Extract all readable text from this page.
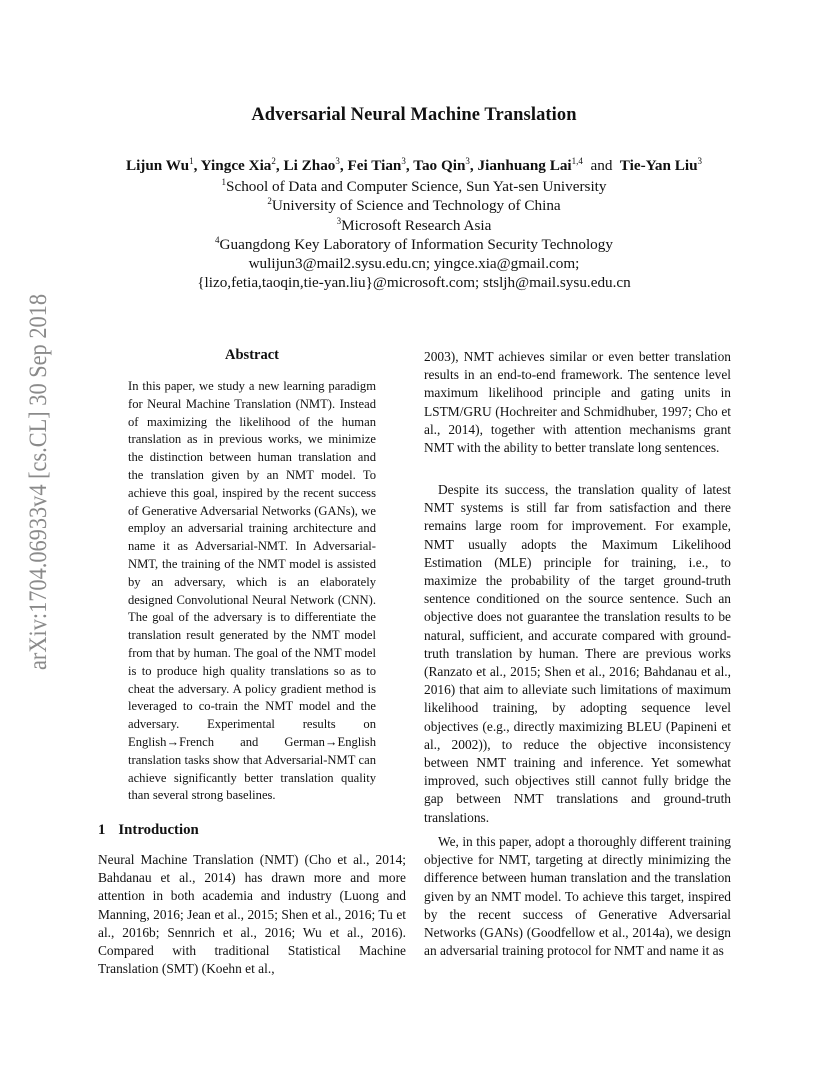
arXiv:1704.06933v4 [cs.CL] 30 Sep 2018
Adversarial Neural Machine Translation
Lijun Wu$^1$, Yingce Xia$^2$, Li Zhao$^3$, Fei Tian$^3$, Tao Qin$^3$, Jianhuang Lai$^{1,4}$ and Tie-Yan Liu$^3$
$^1$School of Data and Computer Science, Sun Yat-sen University
$^2$University of Science and Technology of China
$^3$Microsoft Research Asia
$^4$Guangdong Key Laboratory of Information Security Technology
wulijun3@mail2.sysu.edu.cn; yingce.xia@gmail.com;
{lizo,fetia,taoqin,tie-yan.liu}@microsoft.com; stsljh@mail.sysu.edu.cn
Abstract
In this paper, we study a new learning paradigm for Neural Machine Translation (NMT). Instead of maximizing the likelihood of the human translation as in previous works, we minimize the distinction between human translation and the translation given by an NMT model. To achieve this goal, inspired by the recent success of Generative Adversarial Networks (GANs), we employ an adversarial training architecture and name it as Adversarial-NMT. In Adversarial-NMT, the training of the NMT model is assisted by an adversary, which is an elaborately designed Convolutional Neural Network (CNN). The goal of the adversary is to differentiate the translation result generated by the NMT model from that by human. The goal of the NMT model is to produce high quality translations so as to cheat the adversary. A policy gradient method is leveraged to co-train the NMT model and the adversary. Experimental results on English→French and German→English translation tasks show that Adversarial-NMT can achieve significantly better translation quality than several strong baselines.
1 Introduction
Neural Machine Translation (NMT) (Cho et al., 2014; Bahdanau et al., 2014) has drawn more and more attention in both academia and industry (Luong and Manning, 2016; Jean et al., 2015; Shen et al., 2016; Tu et al., 2016b; Sennrich et al., 2016; Wu et al., 2016). Compared with traditional Statistical Machine Translation (SMT) (Koehn et al.,
2003), NMT achieves similar or even better translation results in an end-to-end framework. The sentence level maximum likelihood principle and gating units in LSTM/GRU (Hochreiter and Schmidhuber, 1997; Cho et al., 2014), together with attention mechanisms grant NMT with the ability to better translate long sentences.
Despite its success, the translation quality of latest NMT systems is still far from satisfaction and there remains large room for improvement. For example, NMT usually adopts the Maximum Likelihood Estimation (MLE) principle for training, i.e., to maximize the probability of the target ground-truth sentence conditioned on the source sentence. Such an objective does not guarantee the translation results to be natural, sufficient, and accurate compared with ground-truth translation by human. There are previous works (Ranzato et al., 2015; Shen et al., 2016; Bahdanau et al., 2016) that aim to alleviate such limitations of maximum likelihood training, by adopting sequence level objectives (e.g., directly maximizing BLEU (Papineni et al., 2002)), to reduce the objective inconsistency between NMT training and inference. Yet somewhat improved, such objectives still cannot fully bridge the gap between NMT translations and ground-truth translations.
We, in this paper, adopt a thoroughly different training objective for NMT, targeting at directly minimizing the difference between human translation and the translation given by an NMT model. To achieve this target, inspired by the recent success of Generative Adversarial Networks (GANs) (Goodfellow et al., 2014a), we design an adversarial training protocol for NMT and name it as
